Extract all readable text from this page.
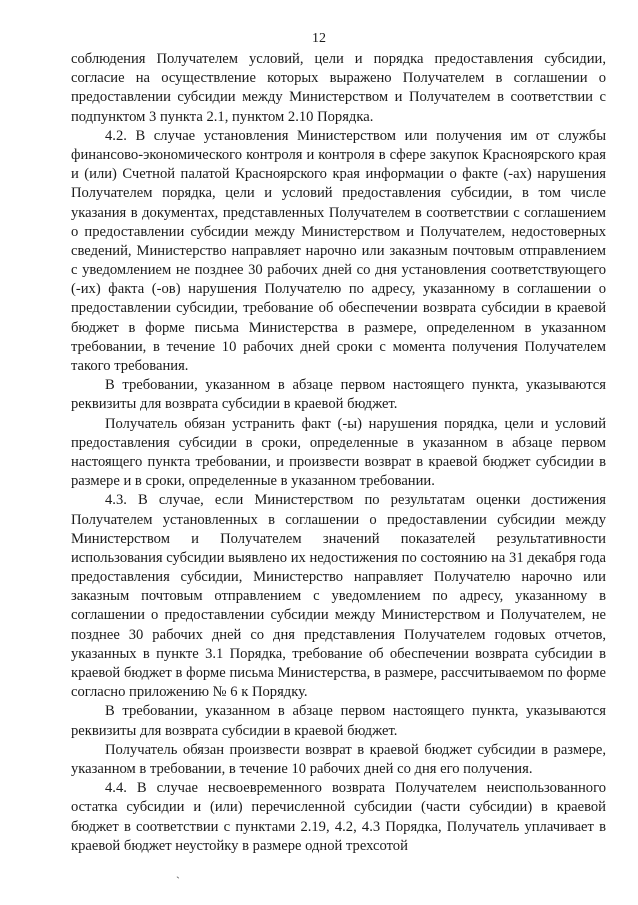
12

соблюдения Получателем условий, цели и порядка предоставления субсидии, согласие на осуществление которых выражено Получателем в соглашении о предоставлении субсидии между Министерством и Получателем в соответствии с подпунктом 3 пункта 2.1, пунктом 2.10 Порядка.

4.2. В случае установления Министерством или получения им от службы финансово-экономического контроля и контроля в сфере закупок Красноярского края и (или) Счетной палатой Красноярского края информации о факте (-ах) нарушения Получателем порядка, цели и условий предоставления субсидии, в том числе указания в документах, представленных Получателем в соответствии с соглашением о предоставлении субсидии между Министерством и Получателем, недостоверных сведений, Министерство направляет нарочно или заказным почтовым отправлением с уведомлением не позднее 30 рабочих дней со дня установления соответствующего (-их) факта (-ов) нарушения Получателю по адресу, указанному в соглашении о предоставлении субсидии, требование об обеспечении возврата субсидии в краевой бюджет в форме письма Министерства в размере, определенном в указанном требовании, в течение 10 рабочих дней сроки с момента получения Получателем такого требования.

В требовании, указанном в абзаце первом настоящего пункта, указываются реквизиты для возврата субсидии в краевой бюджет.

Получатель обязан устранить факт (-ы) нарушения порядка, цели и условий предоставления субсидии в сроки, определенные в указанном в абзаце первом настоящего пункта требовании, и произвести возврат в краевой бюджет субсидии в размере и в сроки, определенные в указанном требовании.

4.3. В случае, если Министерством по результатам оценки достижения Получателем установленных в соглашении о предоставлении субсидии между Министерством и Получателем значений показателей результативности использования субсидии выявлено их недостижения по состоянию на 31 декабря года предоставления субсидии, Министерство направляет Получателю нарочно или заказным почтовым отправлением с уведомлением по адресу, указанному в соглашении о предоставлении субсидии между Министерством и Получателем, не позднее 30 рабочих дней со дня представления Получателем годовых отчетов, указанных в пункте 3.1 Порядка, требование об обеспечении возврата субсидии в краевой бюджет в форме письма Министерства, в размере, рассчитываемом по форме согласно приложению № 6 к Порядку.

В требовании, указанном в абзаце первом настоящего пункта, указываются реквизиты для возврата субсидии в краевой бюджет.

Получатель обязан произвести возврат в краевой бюджет субсидии в размере, указанном в требовании, в течение 10 рабочих дней со дня его получения.

4.4. В случае несвоевременного возврата Получателем неиспользованного остатка субсидии и (или) перечисленной субсидии (части субсидии) в краевой бюджет в соответствии с пунктами 2.19, 4.2, 4.3 Порядка, Получатель уплачивает в краевой бюджет неустойку в размере одной трехсотой

ˏ
